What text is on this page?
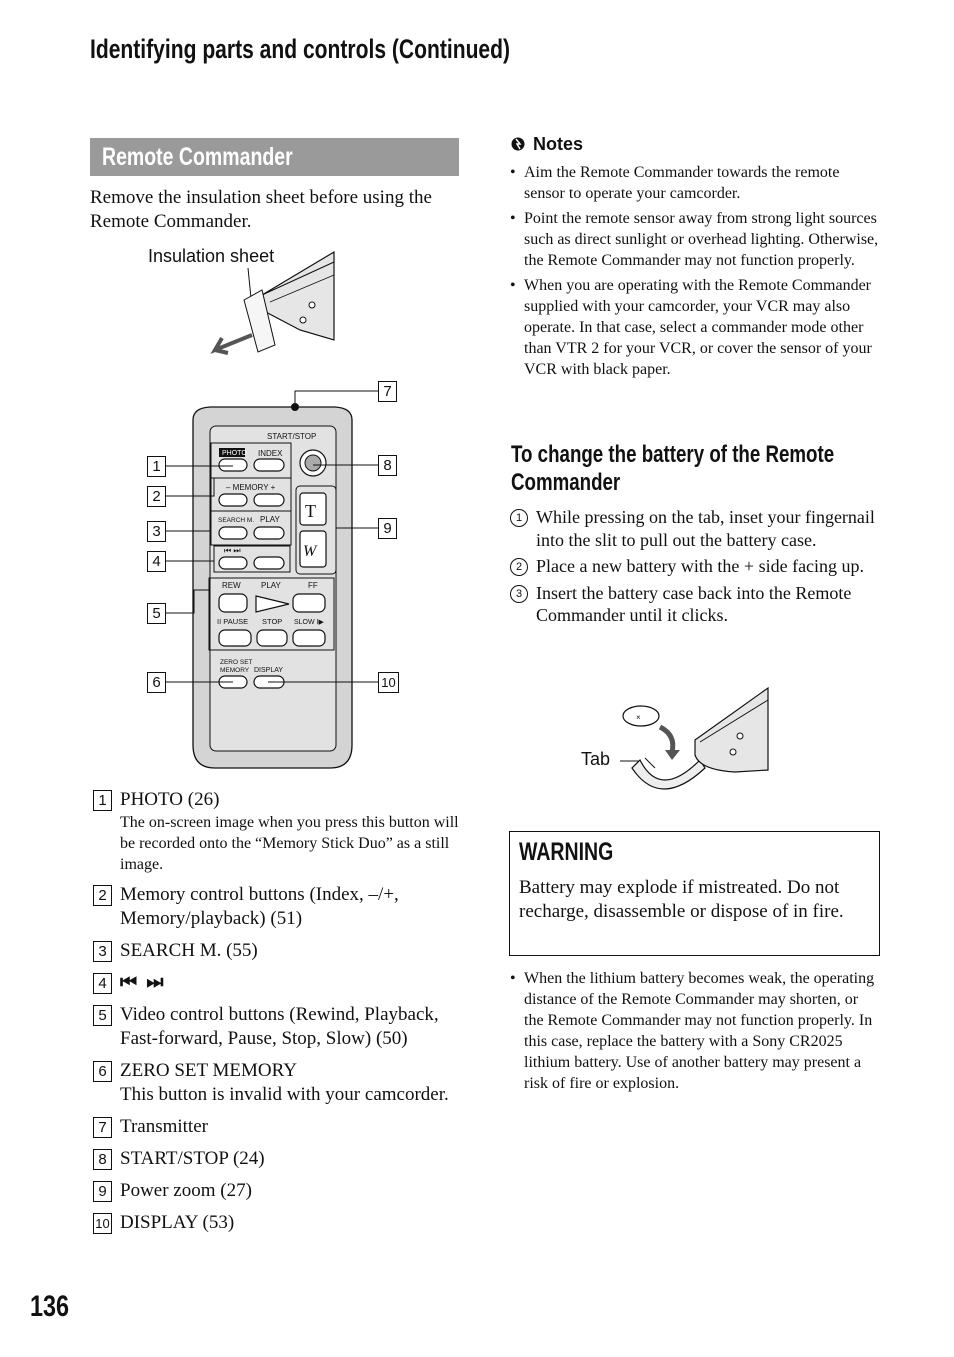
Identifying parts and controls (Continued)
Remote Commander
Remove the insulation sheet before using the Remote Commander.
Insulation sheet
START/STOP
PHOTO INDEX
– MEMORY +
SEARCH M. PLAY
⏮ ⏭
REW	PLAY	FF
II PAUSE STOP SLOW I▶
ZERO SET
MEMORY DISPLAY
T
W
1
2
3
4
5
6
7
8
9
10
1 PHOTO (26)
The on-screen image when you press this button will be recorded onto the “Memory Stick Duo” as a still image.
2 Memory control buttons (Index, –/+, Memory/playback) (51)
3 SEARCH M. (55)
4 ⏮ ⏭
5 Video control buttons (Rewind, Playback, Fast-forward, Pause, Stop, Slow) (50)
6 ZERO SET MEMORY
This button is invalid with your camcorder.
7 Transmitter
8 START/STOP (24)
9 Power zoom (27)
10 DISPLAY (53)
Notes
• Aim the Remote Commander towards the remote sensor to operate your camcorder.
• Point the remote sensor away from strong light sources such as direct sunlight or overhead lighting. Otherwise, the Remote Commander may not function properly.
• When you are operating with the Remote Commander supplied with your camcorder, your VCR may also operate. In that case, select a commander mode other than VTR 2 for your VCR, or cover the sensor of your VCR with black paper.
To change the battery of the Remote
Commander
1 While pressing on the tab, inset your fingernail into the slit to pull out the battery case.
2 Place a new battery with the + side facing up.
3 Insert the battery case back into the Remote Commander until it clicks.
Tab
×
WARNING
Battery may explode if mistreated. Do not recharge, disassemble or dispose of in fire.
• When the lithium battery becomes weak, the operating distance of the Remote Commander may shorten, or the Remote Commander may not function properly. In this case, replace the battery with a Sony CR2025 lithium battery. Use of another battery may present a risk of fire or explosion.
136
